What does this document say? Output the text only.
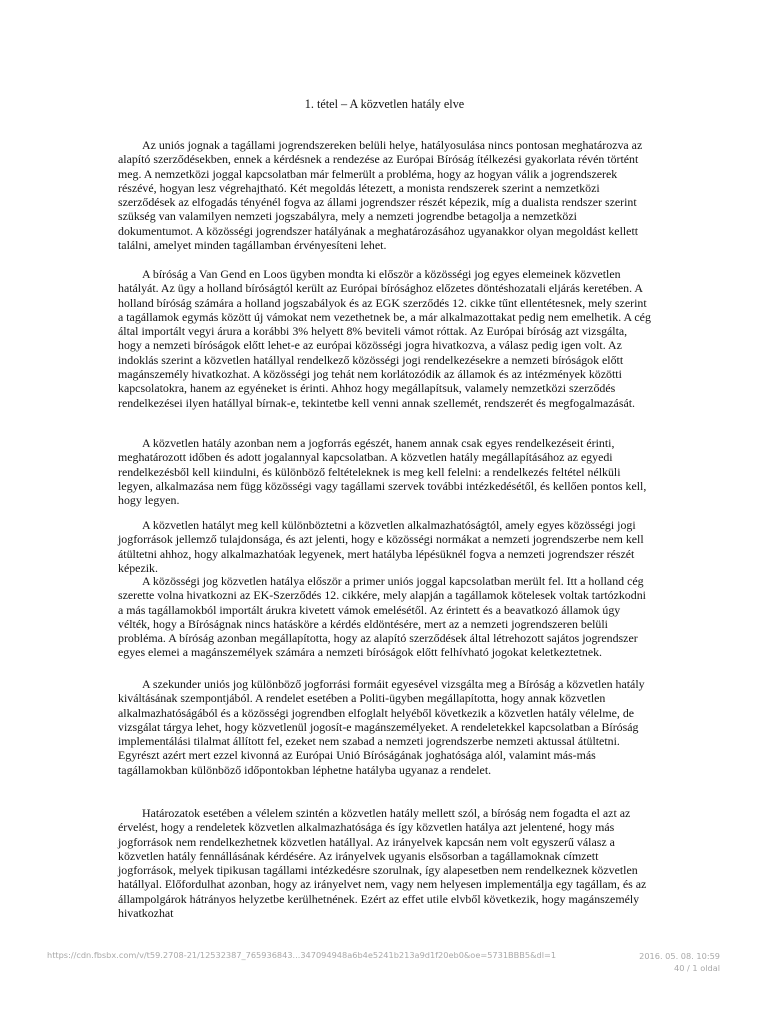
1. tétel – A közvetlen hatály elve

Az uniós jognak a tagállami jogrendszereken belüli helye, hatályosulása nincs pontosan meghatározva az alapító szerződésekben, ennek a kérdésnek a rendezése az Európai Bíróság ítélkezési gyakorlata révén történt meg. A nemzetközi joggal kapcsolatban már felmerült a probléma, hogy az hogyan válik a jogrendszerek részévé, hogyan lesz végrehajtható. Két megoldás létezett, a monista rendszerek szerint a nemzetközi szerződések az elfogadás tényénél fogva az állami jogrendszer részét képezik, míg a dualista rendszer szerint szükség van valamilyen nemzeti jogszabályra, mely a nemzeti jogrendbe betagolja a nemzetközi dokumentumot. A közösségi jogrendszer hatályának a meghatározásához ugyanakkor olyan megoldást kellett találni, amelyet minden tagállamban érvényesíteni lehet.

A bíróság a Van Gend en Loos ügyben mondta ki először a közösségi jog egyes elemeinek közvetlen hatályát. Az ügy a holland bíróságtól került az Európai bírósághoz előzetes döntéshozatali eljárás keretében. A holland bíróság számára a holland jogszabályok és az EGK szerződés 12. cikke tűnt ellentétesnek, mely szerint a tagállamok egymás között új vámokat nem vezethetnek be, a már alkalmazottakat pedig nem emelhetik. A cég által importált vegyi árura a korábbi 3% helyett 8% beviteli vámot róttak. Az Európai bíróság azt vizsgálta, hogy a nemzeti bíróságok előtt lehet-e az európai közösségi jogra hivatkozva, a válasz pedig igen volt. Az indoklás szerint a közvetlen hatállyal rendelkező közösségi jogi rendelkezésekre a nemzeti bíróságok előtt magánszemély hivatkozhat. A közösségi jog tehát nem korlátozódik az államok és az intézmények közötti kapcsolatokra, hanem az egyéneket is érinti. Ahhoz hogy megállapítsuk, valamely nemzetközi szerződés rendelkezései ilyen hatállyal bírnak-e, tekintetbe kell venni annak szellemét, rendszerét és megfogalmazását.

A közvetlen hatály azonban nem a jogforrás egészét, hanem annak csak egyes rendelkezéseit érinti, meghatározott időben és adott jogalannyal kapcsolatban. A közvetlen hatály megállapításához az egyedi rendelkezésből kell kiindulni, és különböző feltételeknek is meg kell felelni: a rendelkezés feltétel nélküli legyen, alkalmazása nem függ közösségi vagy tagállami szervek további intézkedésétől, és kellően pontos kell, hogy legyen.

A közvetlen hatályt meg kell különböztetni a közvetlen alkalmazhatóságtól, amely egyes közösségi jogi jogforrások jellemző tulajdonsága, és azt jelenti, hogy e közösségi normákat a nemzeti jogrendszerbe nem kell átültetni ahhoz, hogy alkalmazhatóak legyenek, mert hatályba lépésüknél fogva a nemzeti jogrendszer részét képezik.

A közösségi jog közvetlen hatálya először a primer uniós joggal kapcsolatban merült fel. Itt a holland cég szerette volna hivatkozni az EK-Szerződés 12. cikkére, mely alapján a tagállamok kötelesek voltak tartózkodni a más tagállamokból importált árukra kivetett vámok emelésétől. Az érintett és a beavatkozó államok úgy vélték, hogy a Bíróságnak nincs hatásköre a kérdés eldöntésére, mert az a nemzeti jogrendszeren belüli probléma. A bíróság azonban megállapította, hogy az alapító szerződések által létrehozott sajátos jogrendszer egyes elemei a magánszemélyek számára a nemzeti bíróságok előtt felhívható jogokat keletkeztetnek.

A szekunder uniós jog különböző jogforrási formáit egyesével vizsgálta meg a Bíróság a közvetlen hatály kiváltásának szempontjából. A rendelet esetében a Politi-ügyben megállapította, hogy annak közvetlen alkalmazhatóságából és a közösségi jogrendben elfoglalt helyéből következik a közvetlen hatály vélelme, de vizsgálat tárgya lehet, hogy közvetlenül jogosít-e magánszemélyeket. A rendeletekkel kapcsolatban a Bíróság implementálási tilalmat állított fel, ezeket nem szabad a nemzeti jogrendszerbe nemzeti aktussal átültetni. Egyrészt azért mert ezzel kivonná az Európai Unió Bíróságának joghatósága alól, valamint más-más tagállamokban különböző időpontokban léphetne hatályba ugyanaz a rendelet.

Határozatok esetében a vélelem szintén a közvetlen hatály mellett szól, a bíróság nem fogadta el azt az érvelést, hogy a rendeletek közvetlen alkalmazhatósága és így közvetlen hatálya azt jelentené, hogy más jogforrások nem rendelkezhetnek közvetlen hatállyal. Az irányelvek kapcsán nem volt egyszerű válasz a közvetlen hatály fennállásának kérdésére. Az irányelvek ugyanis elsősorban a tagállamoknak címzett jogforrások, melyek tipikusan tagállami intézkedésre szorulnak, így alapesetben nem rendelkeznek közvetlen hatállyal. Előfordulhat azonban, hogy az irányelvet nem, vagy nem helyesen implementálja egy tagállam, és az állampolgárok hátrányos helyzetbe kerülhetnének. Ezért az effet utile elvből következik, hogy magánszemély hivatkozhat

https://cdn.fbsbx.com/v/t59.2708-21/12532387_765936843...347094948a6b4e5241b213a9d1f20eb0&oe=5731BBB5&dl=1	2016. 05. 08. 10:59
40 / 1 oldal
